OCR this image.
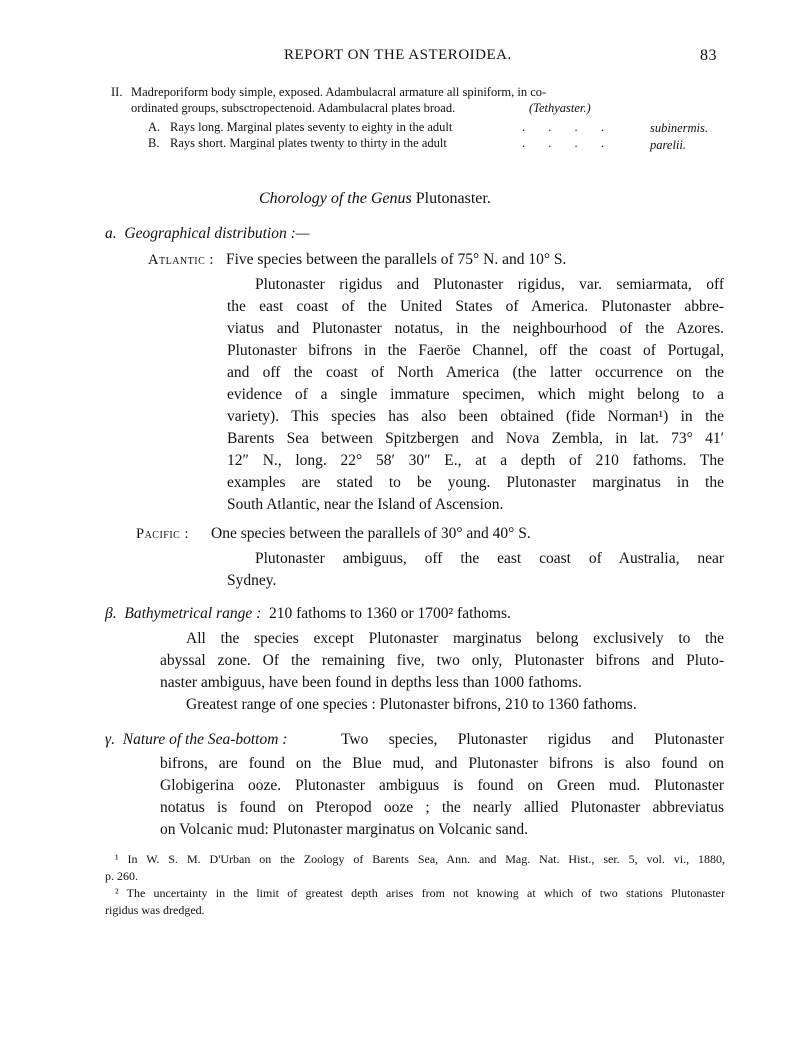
REPORT ON THE ASTEROIDEA.	83
II. Madreporiform body simple, exposed. Adambulacral armature all spiniform, in co-
ordinated groups, subsctropectenoid. Adambulacral plates broad.	(Tethyaster.)
A. Rays long. Marginal plates seventy to eighty in the adult	. . . .	subinermis.
B. Rays short. Marginal plates twenty to thirty in the adult	. . . .	parelii.
Chorology of the Genus Plutonaster.
a. Geographical distribution :—
Atlantic : Five species between the parallels of 75° N. and 10° S.
Plutonaster rigidus and Plutonaster rigidus, var. semiarmata, off
the east coast of the United States of America. Plutonaster abbre-
viatus and Plutonaster notatus, in the neighbourhood of the Azores.
Plutonaster bifrons in the Faeröe Channel, off the coast of Portugal,
and off the coast of North America (the latter occurrence on the
evidence of a single immature specimen, which might belong to a
variety). This species has also been obtained (fide Norman¹) in the
Barents Sea between Spitzbergen and Nova Zembla, in lat. 73° 41′
12″ N., long. 22° 58′ 30″ E., at a depth of 210 fathoms. The
examples are stated to be young. Plutonaster marginatus in the
South Atlantic, near the Island of Ascension.
Pacific : One species between the parallels of 30° and 40° S.
Plutonaster ambiguus, off the east coast of Australia, near
Sydney.
β. Bathymetrical range : 210 fathoms to 1360 or 1700² fathoms.
All the species except Plutonaster marginatus belong exclusively to the
abyssal zone. Of the remaining five, two only, Plutonaster bifrons and Pluto-
naster ambiguus, have been found in depths less than 1000 fathoms.
Greatest range of one species : Plutonaster bifrons, 210 to 1360 fathoms.
γ. Nature of the Sea-bottom :	Two species, Plutonaster rigidus and Plutonaster
bifrons, are found on the Blue mud, and Plutonaster bifrons is also found on
Globigerina ooze. Plutonaster ambiguus is found on Green mud. Plutonaster
notatus is found on Pteropod ooze ; the nearly allied Plutonaster abbreviatus
on Volcanic mud: Plutonaster marginatus on Volcanic sand.
¹ In W. S. M. D'Urban on the Zoology of Barents Sea, Ann. and Mag. Nat. Hist., ser. 5, vol. vi., 1880,
p. 260.
² The uncertainty in the limit of greatest depth arises from not knowing at which of two stations Plutonaster
rigidus was dredged.
